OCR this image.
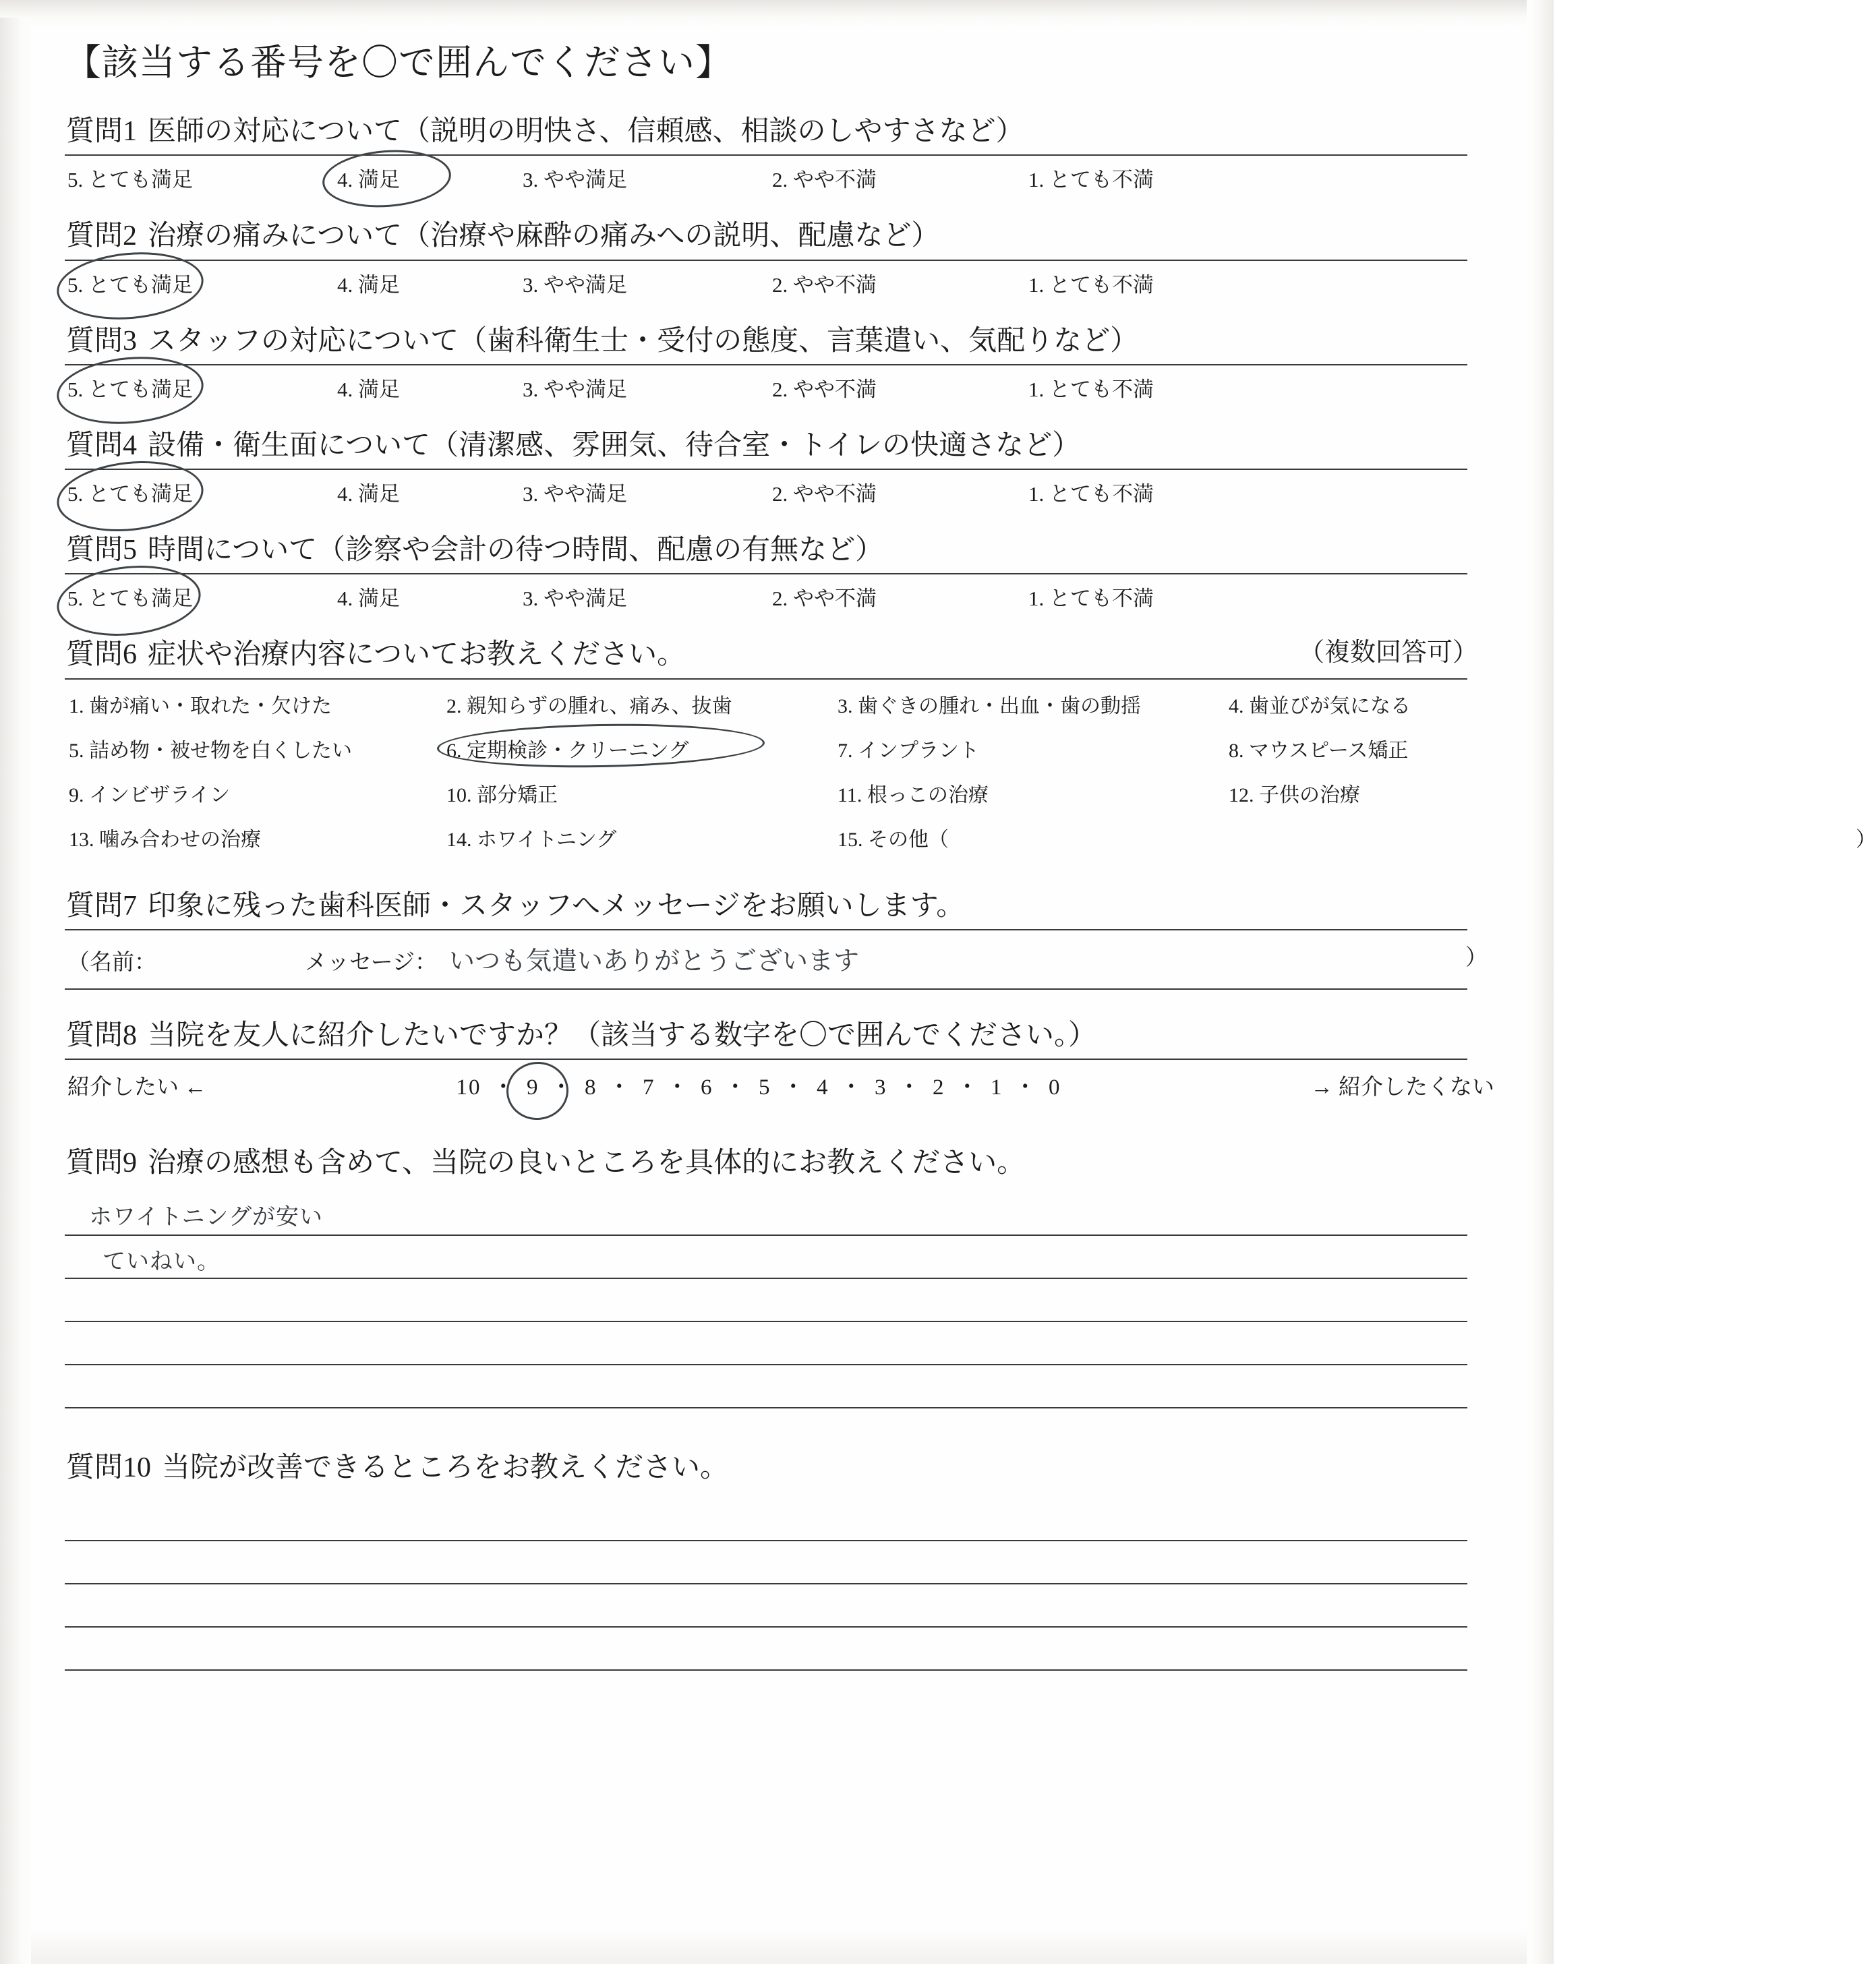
【該当する番号を〇で囲んでください】
質問1 医師の対応について（説明の明快さ、信頼感、相談のしやすさなど）
5. とても満足	4. 満足	3. やや満足	2. やや不満	1. とても不満
質問2 治療の痛みについて（治療や麻酔の痛みへの説明、配慮など）
5. とても満足	4. 満足	3. やや満足	2. やや不満	1. とても不満
質問3 スタッフの対応について（歯科衛生士・受付の態度、言葉遣い、気配りなど）
5. とても満足	4. 満足	3. やや満足	2. やや不満	1. とても不満
質問4 設備・衛生面について（清潔感、雰囲気、待合室・トイレの快適さなど）
5. とても満足	4. 満足	3. やや満足	2. やや不満	1. とても不満
質問5 時間について（診察や会計の待つ時間、配慮の有無など）
5. とても満足	4. 満足	3. やや満足	2. やや不満	1. とても不満
質問6 症状や治療内容についてお教えください。	（複数回答可）
1. 歯が痛い・取れた・欠けた	2. 親知らずの腫れ、痛み、抜歯	3. 歯ぐきの腫れ・出血・歯の動揺	4. 歯並びが気になる
5. 詰め物・被せ物を白くしたい	6. 定期検診・クリーニング	7. インプラント	8. マウスピース矯正
9. インビザライン	10. 部分矯正	11. 根っこの治療	12. 子供の治療
13. 噛み合わせの治療	14. ホワイトニング	15. その他（	）
質問7 印象に残った歯科医師・スタッフへメッセージをお願いします。
（名前：	メッセージ： いつも気遣いありがとうございます	）
質問8 当院を友人に紹介したいですか？（該当する数字を〇で囲んでください。）
紹介したい ←	10 ・ 9 ・ 8 ・ 7 ・ 6 ・ 5 ・ 4 ・ 3 ・ 2 ・ 1 ・ 0	→ 紹介したくない
質問9 治療の感想も含めて、当院の良いところを具体的にお教えください。
ホワイトニングが安い
ていねい。
質問10 当院が改善できるところをお教えください。
